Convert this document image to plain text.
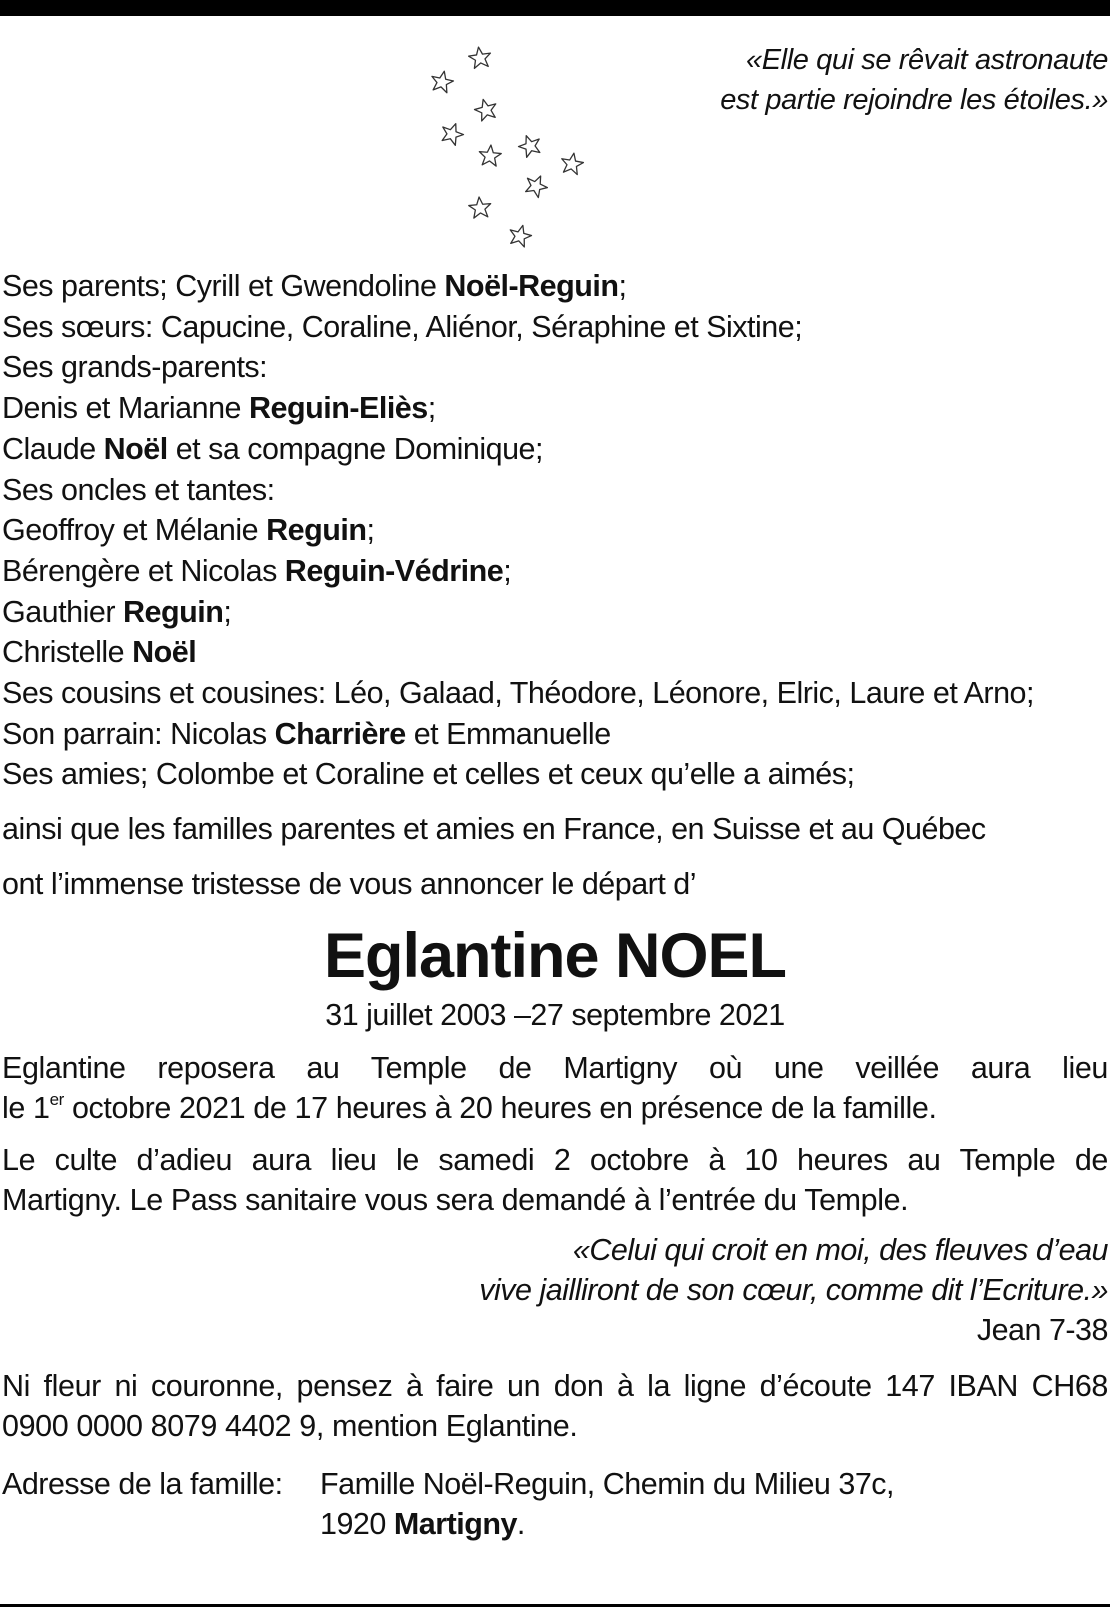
«Elle qui se rêvait astronaute
est partie rejoindre les étoiles.»
Ses parents; Cyrill et Gwendoline Noël-Reguin;
Ses sœurs: Capucine, Coraline, Aliénor, Séraphine et Sixtine;
Ses grands-parents:
Denis et Marianne Reguin-Eliès;
Claude Noël et sa compagne Dominique;
Ses oncles et tantes:
Geoffroy et Mélanie Reguin;
Bérengère et Nicolas Reguin-Védrine;
Gauthier Reguin;
Christelle Noël
Ses cousins et cousines: Léo, Galaad, Théodore, Léonore, Elric, Laure et Arno;
Son parrain: Nicolas Charrière et Emmanuelle
Ses amies; Colombe et Coraline et celles et ceux qu’elle a aimés;
ainsi que les familles parentes et amies en France, en Suisse et au Québec
ont l’immense tristesse de vous annoncer le départ d’
Eglantine NOEL
31 juillet 2003 –27 septembre 2021
Eglantine reposera au Temple de Martigny où une veillée aura lieu
le 1er octobre 2021 de 17 heures à 20 heures en présence de la famille.
Le culte d’adieu aura lieu le samedi 2 octobre à 10 heures au Temple de
Martigny. Le Pass sanitaire vous sera demandé à l’entrée du Temple.
«Celui qui croit en moi, des fleuves d’eau
vive jailliront de son cœur, comme dit l’Ecriture.»
Jean 7-38
Ni fleur ni couronne, pensez à faire un don à la ligne d’écoute 147 IBAN CH68
0900 0000 8079 4402 9, mention Eglantine.
Adresse de la famille:	Famille Noël-Reguin, Chemin du Milieu 37c,
1920 Martigny.
